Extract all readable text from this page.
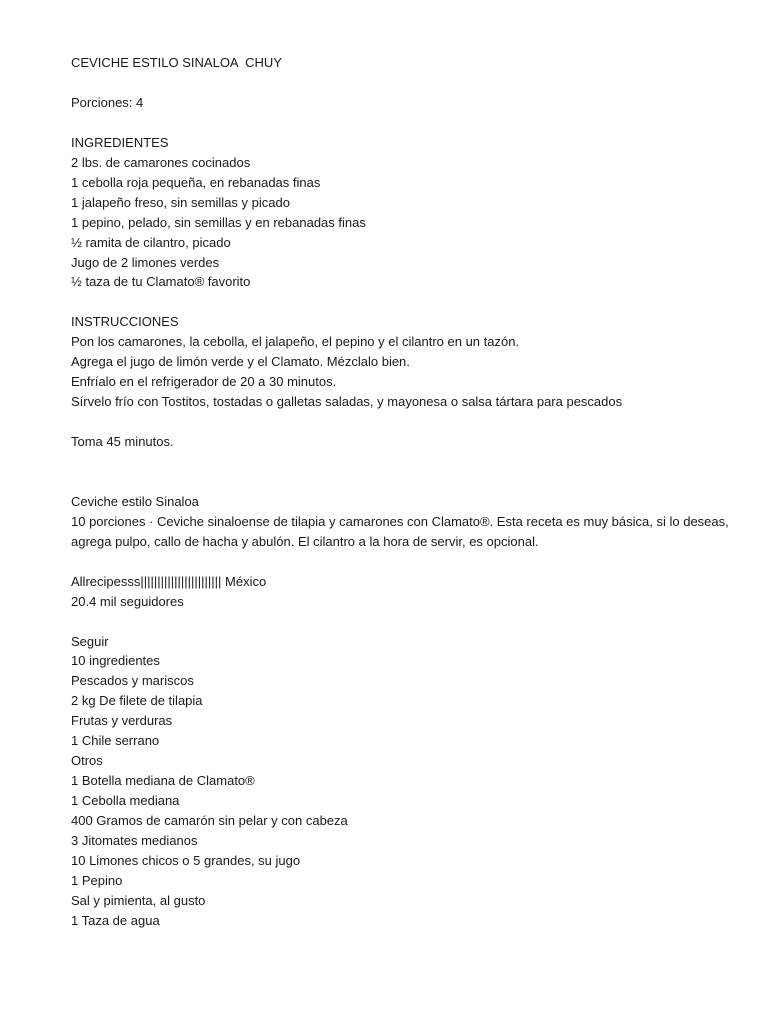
CEVICHE ESTILO SINALOA  CHUY

Porciones: 4

INGREDIENTES

2 lbs. de camarones cocinados

1 cebolla roja pequeña, en rebanadas finas

1 jalapeño freso, sin semillas y picado

1 pepino, pelado, sin semillas y en rebanadas finas

½ ramita de cilantro, picado

Jugo de 2 limones verdes

½ taza de tu Clamato® favorito

INSTRUCCIONES

Pon los camarones, la cebolla, el jalapeño, el pepino y el cilantro en un tazón.

Agrega el jugo de limón verde y el Clamato. Mézclalo bien.

Enfríalo en el refrigerador de 20 a 30 minutos.

Sírvelo frío con Tostitos, tostadas o galletas saladas, y mayonesa o salsa tártara para pescados

Toma 45 minutos.

Ceviche estilo Sinaloa

10 porciones · Ceviche sinaloense de tilapia y camarones con Clamato®. Esta receta es muy básica, si lo deseas, agrega pulpo, callo de hacha y abulón. El cilantro a la hora de servir, es opcional.

Allrecipesss|||||||||||||||||||||||| México

20.4 mil seguidores

Seguir

10 ingredientes

Pescados y mariscos

2 kg De filete de tilapia

Frutas y verduras

1 Chile serrano

Otros

1 Botella mediana de Clamato®

1 Cebolla mediana

400 Gramos de camarón sin pelar y con cabeza

3 Jitomates medianos

10 Limones chicos o 5 grandes, su jugo

1 Pepino

Sal y pimienta, al gusto

1 Taza de agua
